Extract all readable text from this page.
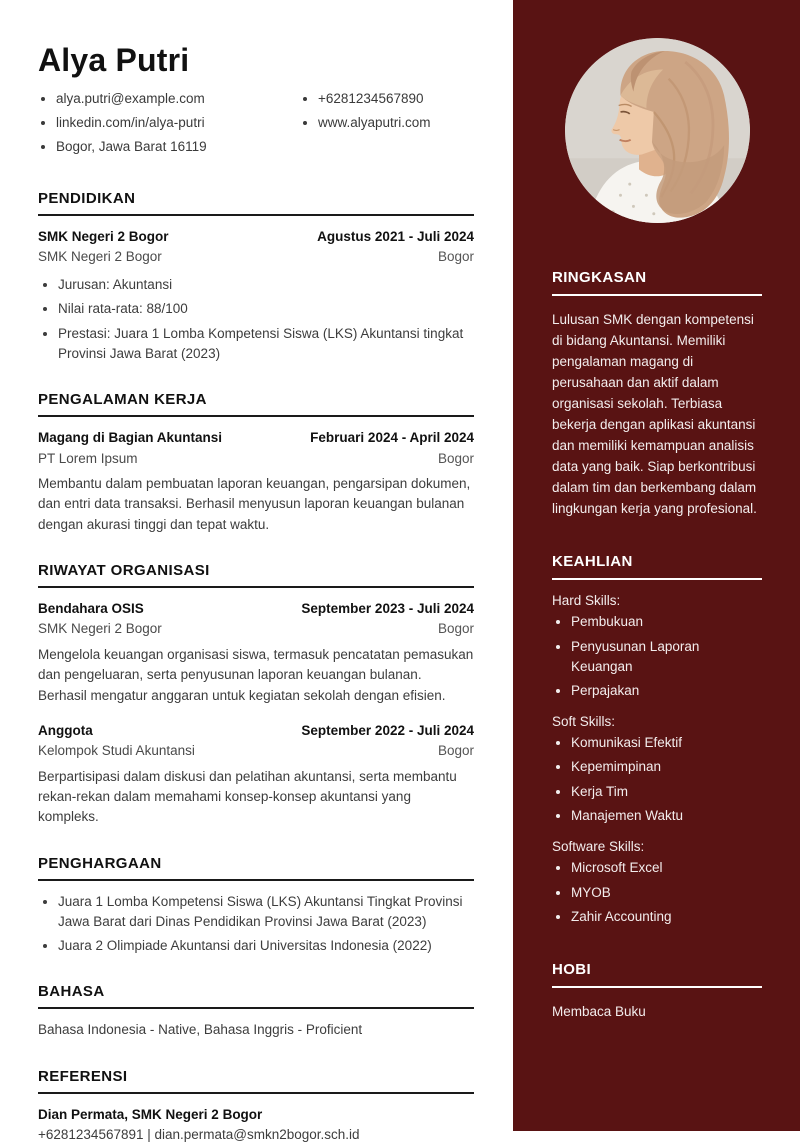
RINGKASAN

Lulusan SMK dengan kompetensi di bidang Akuntansi. Memiliki pengalaman magang di perusahaan dan aktif dalam organisasi sekolah. Terbiasa bekerja dengan aplikasi akuntansi dan memiliki kemampuan analisis data yang baik. Siap berkontribusi dalam tim dan berkembang dalam lingkungan kerja yang profesional.

KEAHLIAN

Hard Skills:

• Pembukuan
• Penyusunan Laporan Keuangan
• Perpajakan

Soft Skills:

• Komunikasi Efektif
• Kepemimpinan
• Kerja Tim
• Manajemen Waktu

Software Skills:

• Microsoft Excel
• MYOB
• Zahir Accounting
HOBI

Membaca Buku

Alya Putri
• alya.putri@example.com
• linkedin.com/in/alya-putri
• Bogor, Jawa Barat 16119
• +6281234567890
• www.alyaputri.com
PENDIDIKAN
SMK Negeri 2 Bogor	Agustus 2021 - Juli 2024
SMK Negeri 2 Bogor	Bogor
• Jurusan: Akuntansi
• Nilai rata-rata: 88/100
• Prestasi: Juara 1 Lomba Kompetensi Siswa (LKS) Akuntansi tingkat Provinsi Jawa Barat (2023)
PENGALAMAN KERJA
Magang di Bagian Akuntansi	Februari 2024 - April 2024
PT Lorem Ipsum	Bogor

Membantu dalam pembuatan laporan keuangan, pengarsipan dokumen, dan entri data transaksi. Berhasil menyusun laporan keuangan bulanan dengan akurasi tinggi dan tepat waktu.

RIWAYAT ORGANISASI
Bendahara OSIS	September 2023 - Juli 2024
SMK Negeri 2 Bogor	Bogor

Mengelola keuangan organisasi siswa, termasuk pencatatan pemasukan dan pengeluaran, serta penyusunan laporan keuangan bulanan. Berhasil mengatur anggaran untuk kegiatan sekolah dengan efisien.

Anggota	September 2022 - Juli 2024
Kelompok Studi Akuntansi	Bogor

Berpartisipasi dalam diskusi dan pelatihan akuntansi, serta membantu rekan-rekan dalam memahami konsep-konsep akuntansi yang kompleks.

PENGHARGAAN
• Juara 1 Lomba Kompetensi Siswa (LKS) Akuntansi Tingkat Provinsi Jawa Barat dari Dinas Pendidikan Provinsi Jawa Barat (2023)
• Juara 2 Olimpiade Akuntansi dari Universitas Indonesia (2022)
BAHASA

Bahasa Indonesia - Native, Bahasa Inggris - Proficient

REFERENSI

Dian Permata, SMK Negeri 2 Bogor

+6281234567891 | dian.permata@smkn2bogor.sch.id
